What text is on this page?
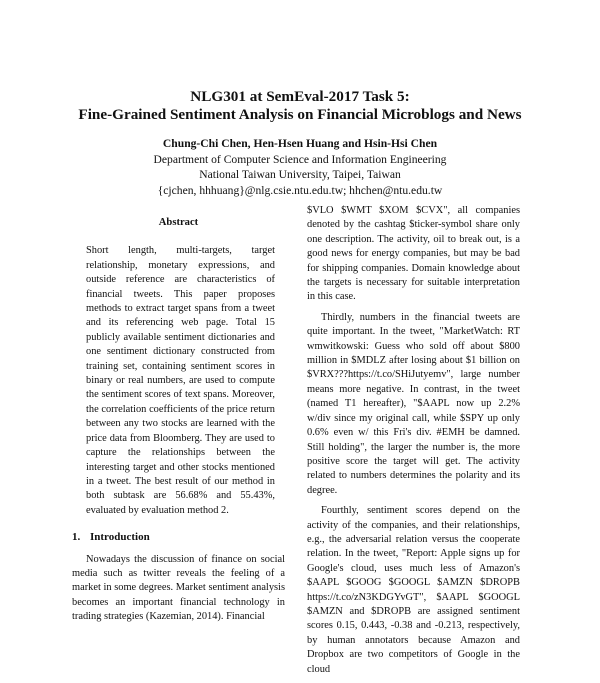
NLG301 at SemEval-2017 Task 5:
Fine-Grained Sentiment Analysis on Financial Microblogs and News
Chung-Chi Chen, Hen-Hsen Huang and Hsin-Hsi Chen
Department of Computer Science and Information Engineering
National Taiwan University, Taipei, Taiwan
{cjchen, hhhuang}@nlg.csie.ntu.edu.tw; hhchen@ntu.edu.tw
Abstract

Short length, multi-targets, target relationship, monetary expressions, and outside reference are characteristics of financial tweets. This paper proposes methods to extract target spans from a tweet and its referencing web page. Total 15 publicly available sentiment dictionaries and one sentiment dictionary constructed from training set, containing sentiment scores in binary or real numbers, are used to compute the sentiment scores of text spans. Moreover, the correlation coefficients of the price return between any two stocks are learned with the price data from Bloomberg. They are used to capture the relationships between the interesting target and other stocks mentioned in a tweet. The best result of our method in both subtask are 56.68% and 55.43%, evaluated by evaluation method 2.

1. Introduction

Nowadays the discussion of finance on social media such as twitter reveals the feeling of a market in some degrees. Market sentiment analysis becomes an important financial technology in trading strategies (Kazemian, 2014). Financial

$VLO $WMT $XOM $CVX", all companies denoted by the cashtag $ticker-symbol share only one description. The activity, oil to break out, is a good news for energy companies, but may be bad for shipping companies. Domain knowledge about the targets is necessary for suitable interpretation in this case.

Thirdly, numbers in the financial tweets are quite important. In the tweet, "MarketWatch: RT wmwitkowski: Guess who sold off about $800 million in $MDLZ after losing about $1 billion on $VRX???https://t.co/SHiJutyemv", large number means more negative. In contrast, in the tweet (named T1 hereafter), "$AAPL now up 2.2% w/div since my original call, while $SPY up only 0.6% even w/ this Fri's div. #EMH be damned. Still holding", the larger the number is, the more positive score the target will get. The activity related to numbers determines the polarity and its degree.

Fourthly, sentiment scores depend on the activity of the companies, and their relationships, e.g., the adversarial relation versus the cooperate relation. In the tweet, "Report: Apple signs up for Google's cloud, uses much less of Amazon's $AAPL $GOOG $GOOGL $AMZN $DROPB https://t.co/zN3KDGYvGT", $AAPL $GOOGL $AMZN and $DROPB are assigned sentiment scores 0.15, 0.443, -0.38 and -0.213, respectively, by human annotators because Amazon and Dropbox are two competitors of Google in the cloud
